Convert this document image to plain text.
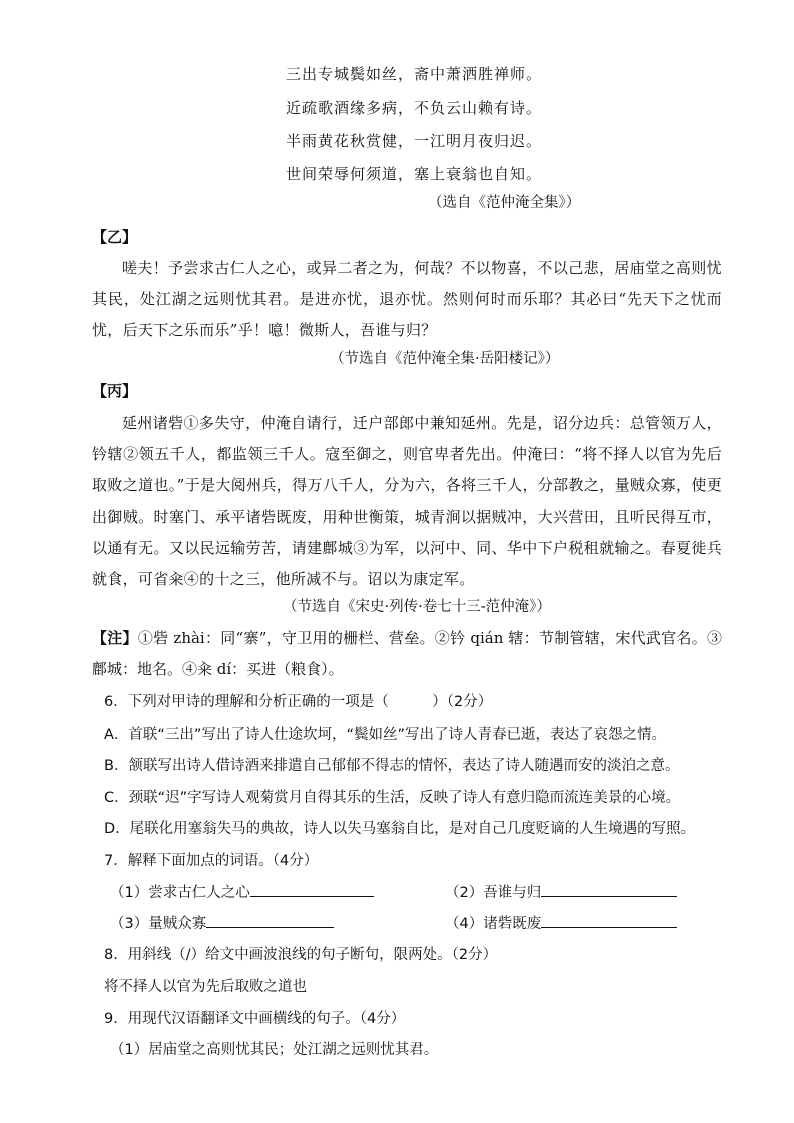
三出专城鬓如丝，斋中萧洒胜禅师。
近疏歌酒缘多病，不负云山赖有诗。
半雨黄花秋赏健，一江明月夜归迟。
世间荣辱何须道，塞上衰翁也自知。
（选自《范仲淹全集》）
【乙】
嗟夫！予尝求古仁人之心，或异二者之为，何哉？不以物喜，不以己悲，居庙堂之高则忧其民，处江湖之远则忧其君。是进亦忧，退亦忧。然则何时而乐耶？其必曰“先天下之忧而忧，后天下之乐而乐”乎！噫！微斯人，吾谁与归？
（节选自《范仲淹全集·岳阳楼记》）
【丙】
延州诸砦①多失守，仲淹自请行，迁户部郎中兼知延州。先是，诏分边兵：总管领万人，钤辖②领五千人，都监领三千人。寇至御之，则官卑者先出。仲淹曰：“将不择人以官为先后取败之道也。”于是大阅州兵，得万八千人，分为六，各将三千人，分部教之，量贼众寡，使更出御贼。时塞门、承平诸砦既废，用种世衡策，城青涧以据贼冲，大兴营田，且听民得互市，以通有无。又以民远输劳苦，请建鄜城③为军，以河中、同、华中下户税租就输之。春夏徙兵就食，可省籴④的十之三，他所减不与。诏以为康定军。
（节选自《宋史·列传·卷七十三-范仲淹》）
【注】①砦 zhài：同“寨”，守卫用的栅栏、营垒。②钤 qián 辖：节制管辖，宋代武官名。③鄜城：地名。④籴 dí：买进（粮食）。
6．下列对甲诗的理解和分析正确的一项是（　　　）（2分）
A．首联“三出”写出了诗人仕途坎坷，“鬓如丝”写出了诗人青春已逝，表达了哀怨之情。
B．颔联写出诗人借诗酒来排遣自己郁郁不得志的情怀，表达了诗人随遇而安的淡泊之意。
C．颈联“迟”字写诗人观菊赏月自得其乐的生活，反映了诗人有意归隐而流连美景的心境。
D．尾联化用塞翁失马的典故，诗人以失马塞翁自比，是对自己几度贬谪的人生境遇的写照。
7．解释下面加点的词语。（4分）
（1）尝求古仁人之心	（2）吾谁与归
（3）量贼众寡	（4）诸砦既废
8．用斜线（/）给文中画波浪线的句子断句，限两处。（2分）
将不择人以官为先后取败之道也
9．用现代汉语翻译文中画横线的句子。（4分）
（1）居庙堂之高则忧其民；处江湖之远则忧其君。
